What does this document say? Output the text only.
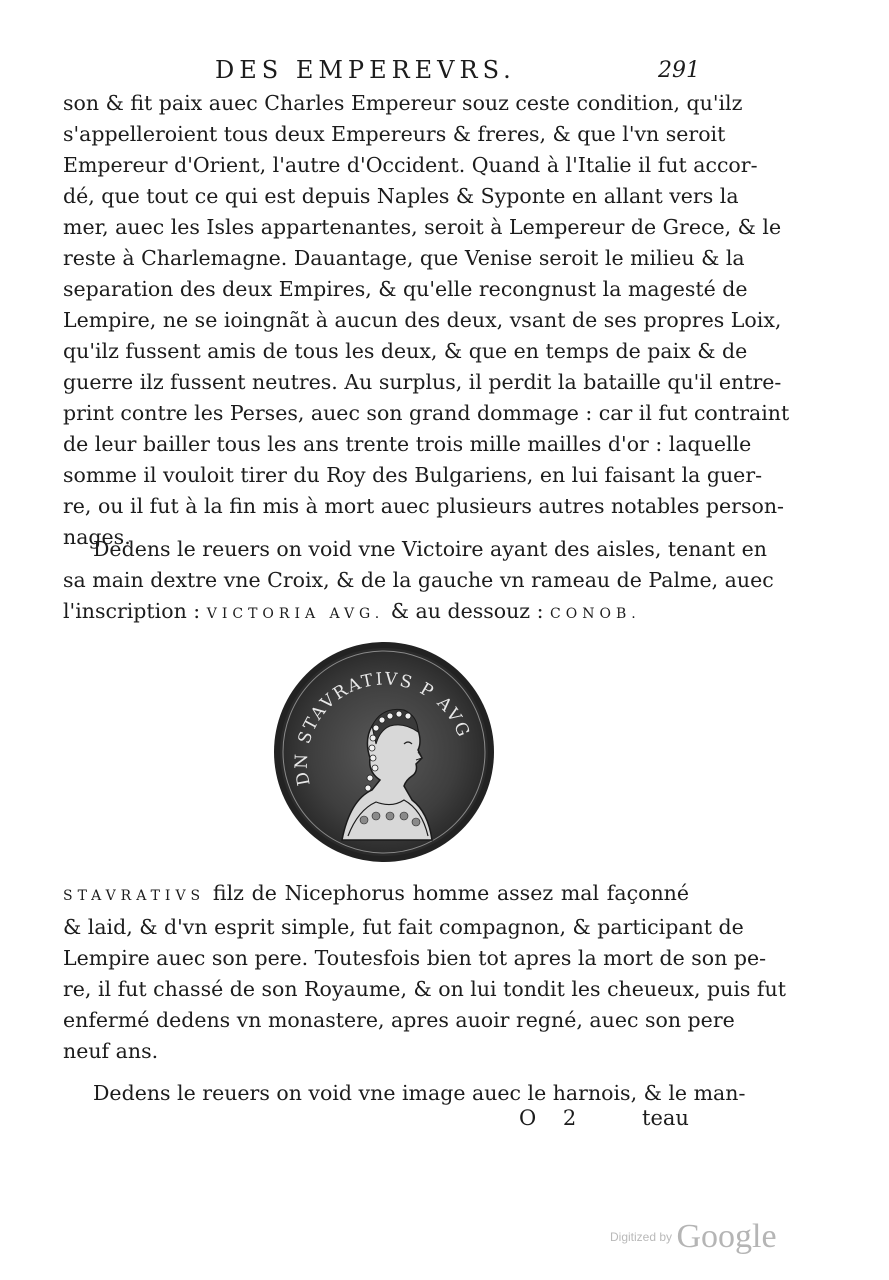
DES EMPEREVRS.	291
son & fit paix auec Charles Empereur souz ceste condition, qu'ilz
s'appelleroient tous deux Empereurs & freres, & que l'vn seroit
Empereur d'Orient, l'autre d'Occident. Quand à l'Italie il fut accor-
dé, que tout ce qui est depuis Naples & Syponte en allant vers la
mer, auec les Isles appartenantes, seroit à Lempereur de Grece, & le
reste à Charlemagne. Dauantage, que Venise seroit le milieu & la
separation des deux Empires, & qu'elle recongnust la magesté de
Lempire, ne se ioingnãt à aucun des deux, vsant de ses propres Loix,
qu'ilz fussent amis de tous les deux, & que en temps de paix & de
guerre ilz fussent neutres. Au surplus, il perdit la bataille qu'il entre-
print contre les Perses, auec son grand dommage : car il fut contraint
de leur bailler tous les ans trente trois mille mailles d'or : laquelle
somme il vouloit tirer du Roy des Bulgariens, en lui faisant la guer-
re, ou il fut à la fin mis à mort auec plusieurs autres notables person-
nages.
Dedens le reuers on void vne Victoire ayant des aisles, tenant en
sa main dextre vne Croix, & de la gauche vn rameau de Palme, auec
l'inscription : VICTORIA AVG. & au dessouz : CONOB.
DN STAVRATIVS P AVG
STAVRATIVS filz de Nicephorus homme assez mal façonné
& laid, & d'vn esprit simple, fut fait compagnon, & participant de
Lempire auec son pere. Toutesfois bien tot apres la mort de son pe-
re, il fut chassé de son Royaume, & on lui tondit les cheueux, puis fut
enfermé dedens vn monastere, apres auoir regné, auec son pere
neuf ans.
Dedens le reuers on void vne image auec le harnois, & le man-
O 2	teau
Digitized by Google
